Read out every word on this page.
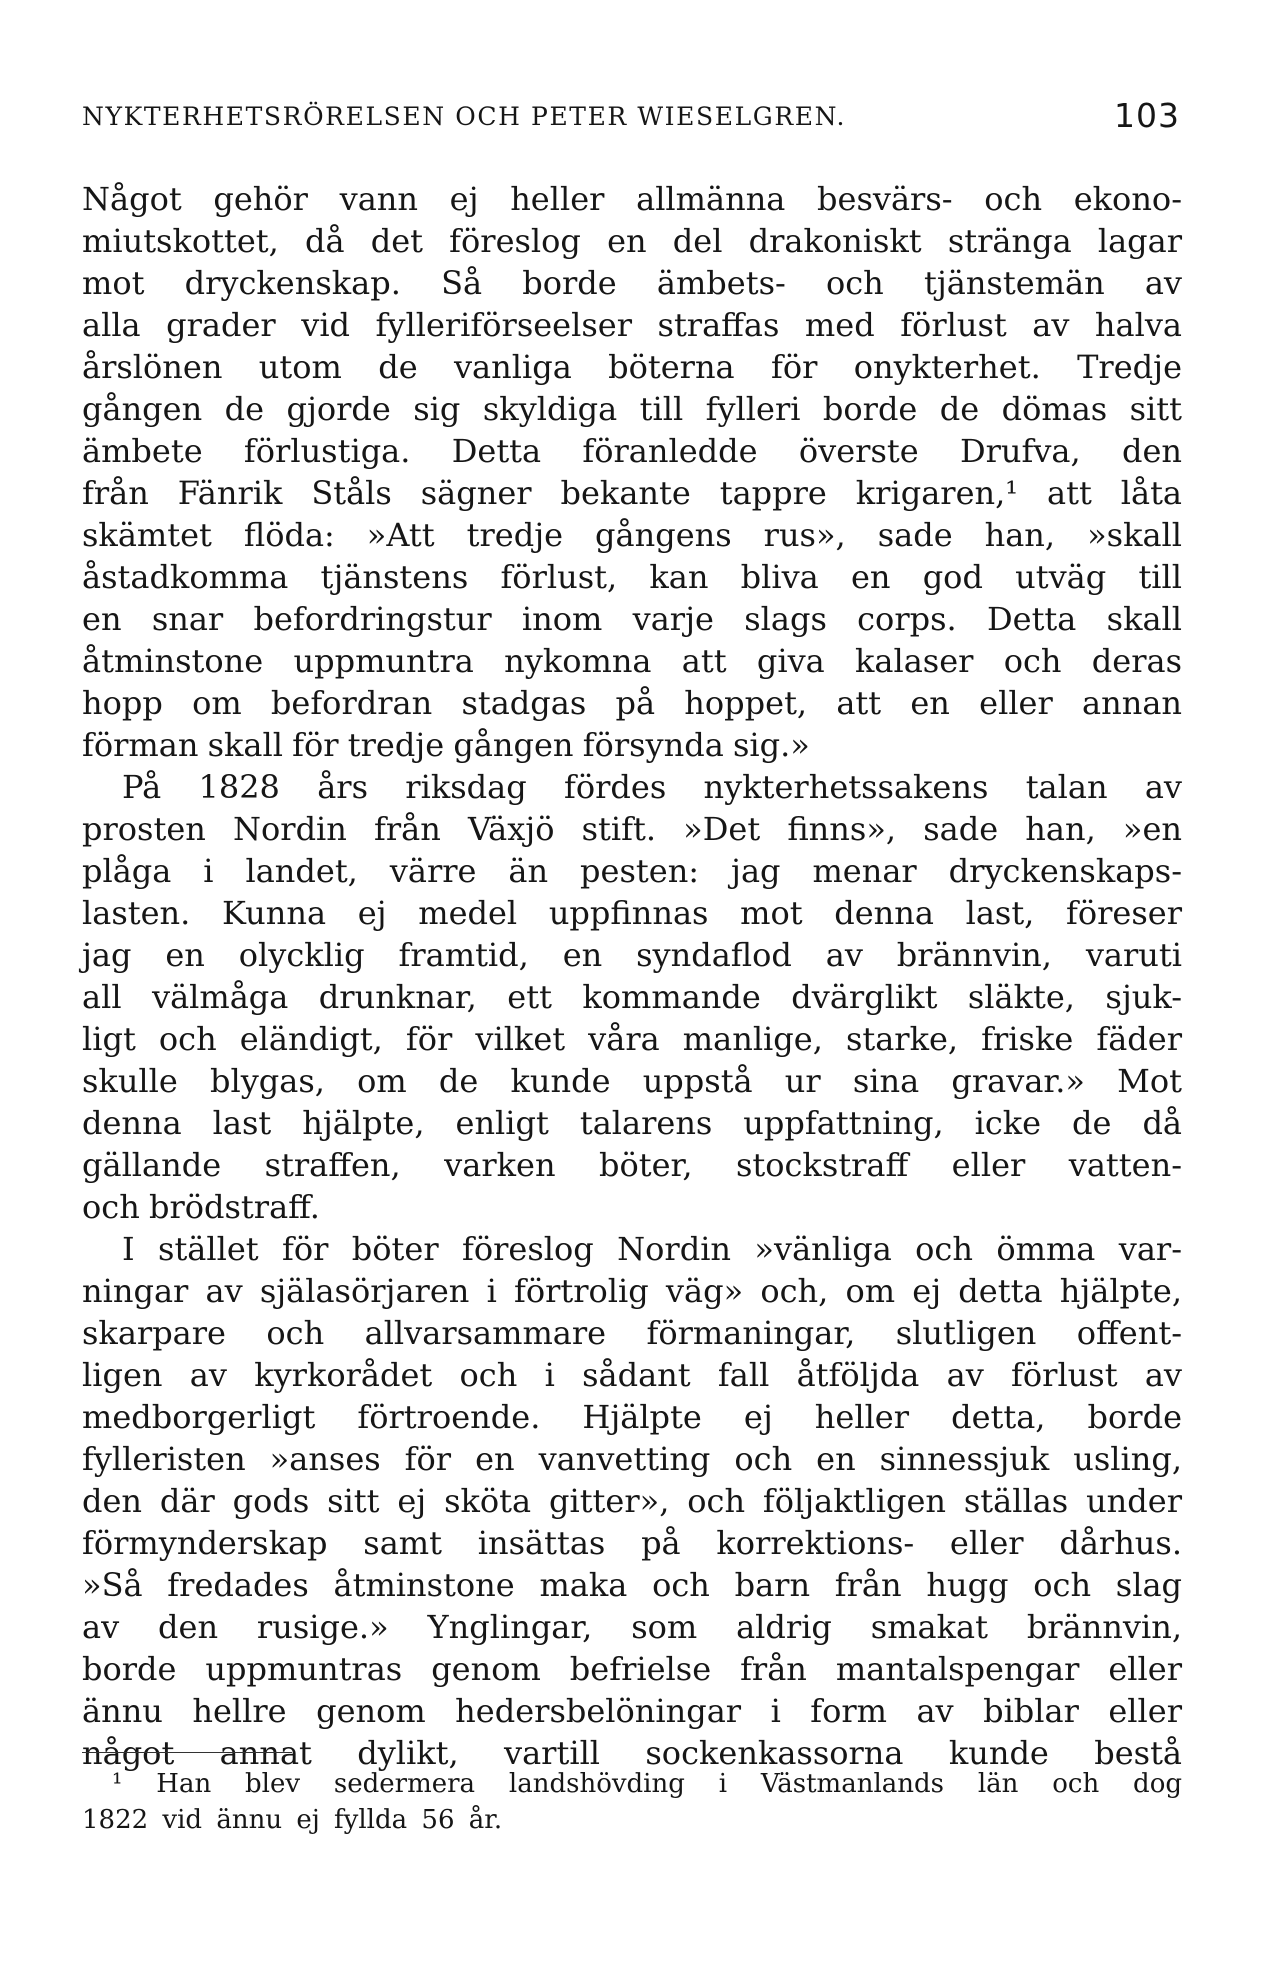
NYKTERHETSRÖRELSEN OCH PETER WIESELGREN.	103
Något gehör vann ej heller allmänna besvärs- och ekono-
miutskottet, då det föreslog en del drakoniskt stränga lagar
mot dryckenskap. Så borde ämbets- och tjänstemän av
alla grader vid fylleriförseelser straffas med förlust av halva
årslönen utom de vanliga böterna för onykterhet. Tredje
gången de gjorde sig skyldiga till fylleri borde de dömas sitt
ämbete förlustiga. Detta föranledde överste Drufva, den
från Fänrik Ståls sägner bekante tappre krigaren,¹ att låta
skämtet flöda: »Att tredje gångens rus», sade han, »skall
åstadkomma tjänstens förlust, kan bliva en god utväg till
en snar befordringstur inom varje slags corps. Detta skall
åtminstone uppmuntra nykomna att giva kalaser och deras
hopp om befordran stadgas på hoppet, att en eller annan
förman skall för tredje gången försynda sig.»
På 1828 års riksdag fördes nykterhetssakens talan av
prosten Nordin från Växjö stift. »Det finns», sade han, »en
plåga i landet, värre än pesten: jag menar dryckenskaps-
lasten. Kunna ej medel uppfinnas mot denna last, föreser
jag en olycklig framtid, en syndaflod av brännvin, varuti
all välmåga drunknar, ett kommande dvärglikt släkte, sjuk-
ligt och eländigt, för vilket våra manlige, starke, friske fäder
skulle blygas, om de kunde uppstå ur sina gravar.» Mot
denna last hjälpte, enligt talarens uppfattning, icke de då
gällande straffen, varken böter, stockstraff eller vatten-
och brödstraff.
I stället för böter föreslog Nordin »vänliga och ömma var-
ningar av själasörjaren i förtrolig väg» och, om ej detta hjälpte,
skarpare och allvarsammare förmaningar, slutligen offent-
ligen av kyrkorådet och i sådant fall åtföljda av förlust av
medborgerligt förtroende. Hjälpte ej heller detta, borde
fylleristen »anses för en vanvetting och en sinnessjuk usling,
den där gods sitt ej sköta gitter», och följaktligen ställas under
förmynderskap samt insättas på korrektions- eller dårhus.
»Så fredades åtminstone maka och barn från hugg och slag
av den rusige.» Ynglingar, som aldrig smakat brännvin,
borde uppmuntras genom befrielse från mantalspengar eller
ännu hellre genom hedersbelöningar i form av biblar eller
något annat dylikt, vartill sockenkassorna kunde bestå
¹ Han blev sedermera landshövding i Västmanlands län och dog
1822 vid ännu ej fyllda 56 år.
